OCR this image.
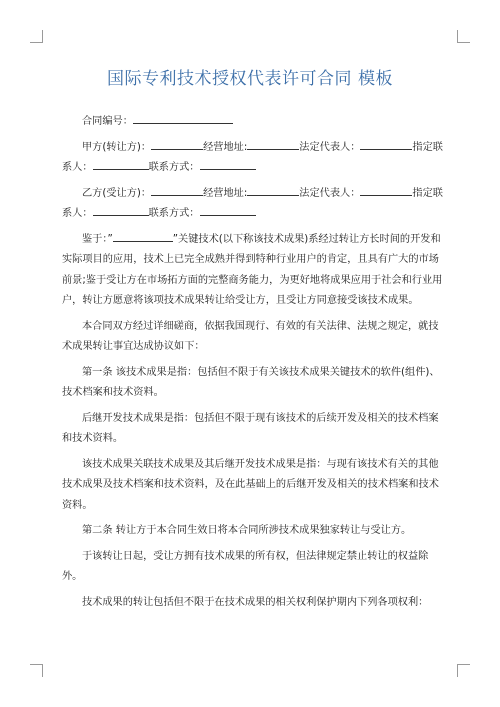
国际专利技术授权代表许可合同 模板

合同编号：

甲方(转让方)：	经营地址:	法定代表人：	指定联

系人：	联系方式：

乙方(受让方)：	经营地址:	法定代表人：	指定联

系人：	联系方式：

鉴于：”	”关键技术(以下称该技术成果)系经过转让方长时间的开发和实际项目的应用，技术上已完全成熟并得到特种行业用户的肯定，且具有广大的市场前景;鉴于受让方在市场拓方面的完整商务能力，为更好地将成果应用于社会和行业用户，转让方愿意将该项技术成果转让给受让方，且受让方同意接受该技术成果。

本合同双方经过详细磋商，依据我国现行、有效的有关法律、法规之规定，就技术成果转让事宜达成协议如下：

第一条 该技术成果是指：包括但不限于有关该技术成果关键技术的软件(组件)、技术档案和技术资料。

后继开发技术成果是指：包括但不限于现有该技术的后续开发及相关的技术档案和技术资料。

该技术成果关联技术成果及其后继开发技术成果是指：与现有该技术有关的其他技术成果及技术档案和技术资料，及在此基础上的后继开发及相关的技术档案和技术资料。

第二条 转让方于本合同生效日将本合同所涉技术成果独家转让与受让方。

于该转让日起，受让方拥有技术成果的所有权，但法律规定禁止转让的权益除外。

技术成果的转让包括但不限于在技术成果的相关权利保护期内下列各项权利：
